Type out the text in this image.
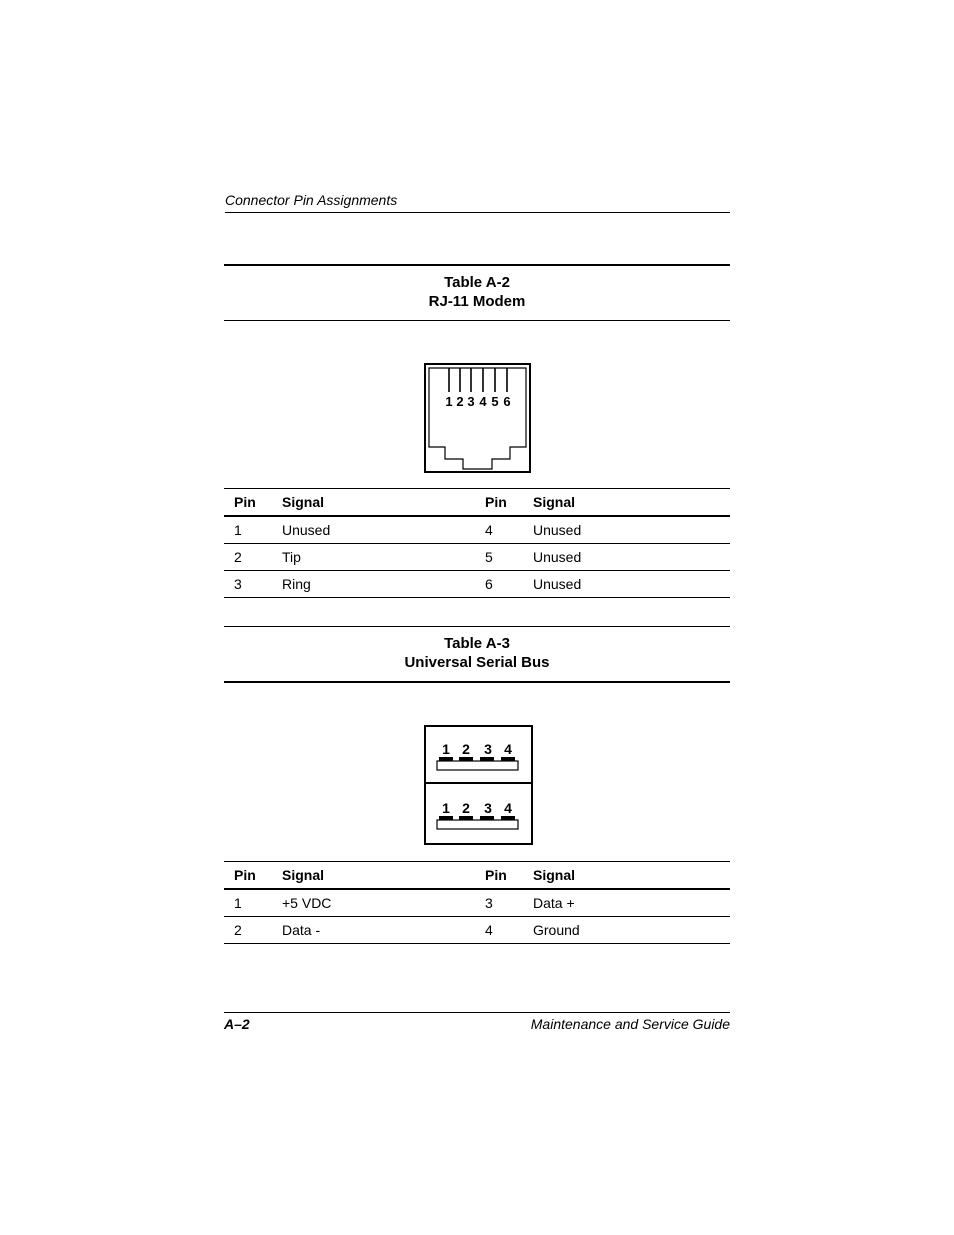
Connector Pin Assignments
Table A-2
RJ-11 Modem
1 2 3 4 5 6
Pin	Signal	Pin	Signal
1	Unused	4	Unused
2	Tip	5	Unused
3	Ring	6	Unused
Table A-3
Universal Serial Bus
1 2 3 4
1 2 3 4
Pin	Signal	Pin	Signal
1	+5 VDC	3	Data +
2	Data -	4	Ground
A–2	Maintenance and Service Guide
